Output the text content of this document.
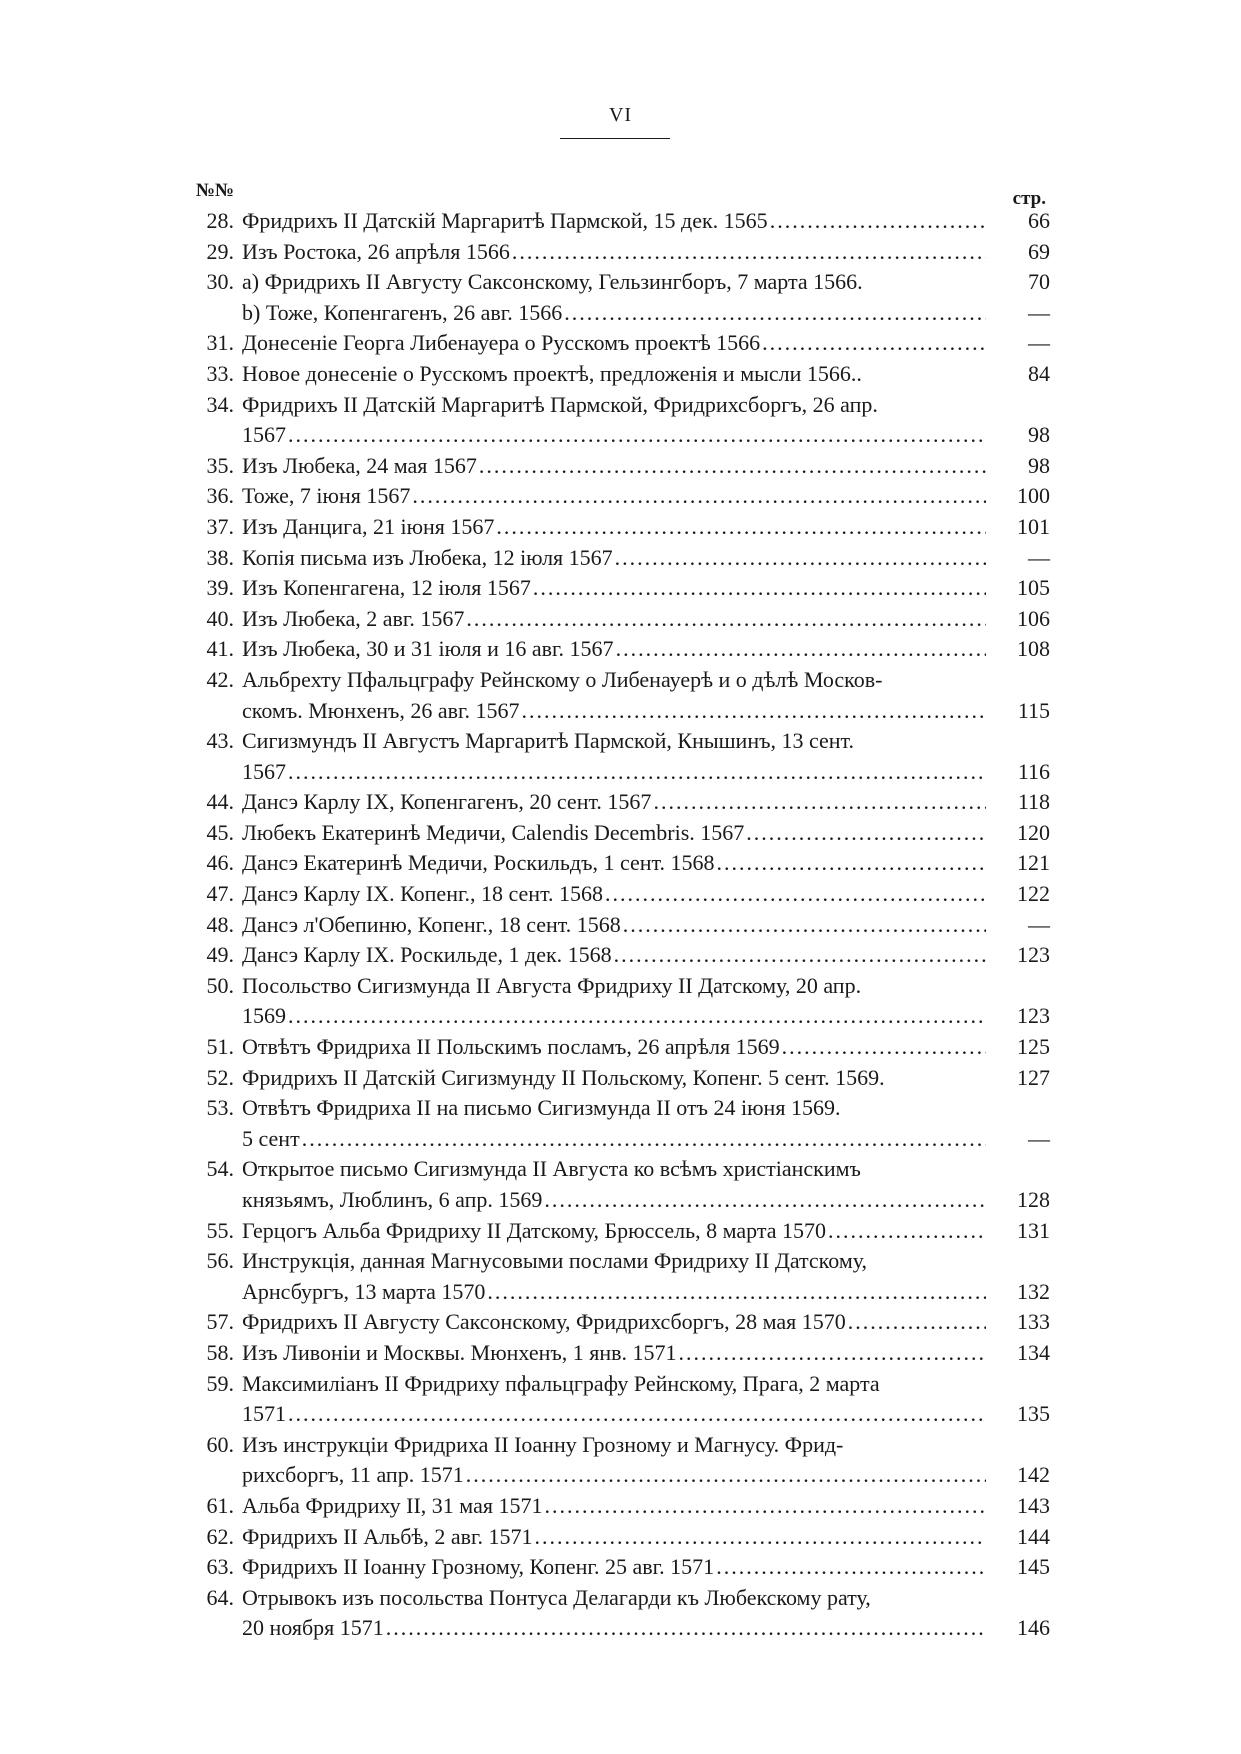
VI
№№	стр.
28. Фридрихъ II Датскій Маргаритѣ Пармской, 15 дек. 1565 .....	66
29. Изъ Ростока, 26 апрѣля 1566 .....	69
30. а) Фридрихъ II Августу Саксонскому, Гельзингборъ, 7 марта 1566.	70
b) Тоже, Копенгагенъ, 26 авг. 1566 .....	—
31. Донесеніе Георга Либенауера о Русскомъ проектѣ 1566 .....	—
33. Новое донесеніе о Русскомъ проектѣ, предложенія и мысли 1566..	84
34. Фридрихъ II Датскій Маргаритѣ Пармской, Фридрихсборгъ, 26 апр.
1567 .....	98
35. Изъ Любека, 24 мая 1567 .....	98
36. Тоже, 7 іюня 1567 .....	100
37. Изъ Данцига, 21 іюня 1567 .....	101
38. Копія письма изъ Любека, 12 іюля 1567 .....	—
39. Изъ Копенгагена, 12 іюля 1567 .....	105
40. Изъ Любека, 2 авг. 1567 .....	106
41. Изъ Любека, 30 и 31 іюля и 16 авг. 1567 .....	108
42. Альбрехту Пфальцграфу Рейнскому о Либенауерѣ и о дѣлѣ Москов-
скомъ. Мюнхенъ, 26 авг. 1567 .....	115
43. Сигизмундъ II Августъ Маргаритѣ Пармской, Кнышинъ, 13 сент.
1567 .....	116
44. Дансэ Карлу IX, Копенгагенъ, 20 сент. 1567 .....	118
45. Любекъ Екатеринѣ Медичи, Calendis Decembris. 1567 .....	120
46. Дансэ Екатеринѣ Медичи, Роскильдъ, 1 сент. 1568 .....	121
47. Дансэ Карлу IX. Копенг., 18 сент. 1568 .....	122
48. Дансэ л'Обепиню, Копенг., 18 сент. 1568 .....	—
49. Дансэ Карлу IX. Роскильде, 1 дек. 1568 .....	123
50. Посольство Сигизмунда II Августа Фридриху II Датскому, 20 апр.
1569 .....	123
51. Отвѣтъ Фридриха II Польскимъ посламъ, 26 апрѣля 1569 .....	125
52. Фридрихъ II Датскій Сигизмунду II Польскому, Копенг. 5 сент. 1569.	127
53. Отвѣтъ Фридриха II на письмо Сигизмунда II отъ 24 іюня 1569.
5 сент .....	—
54. Открытое письмо Сигизмунда II Августа ко всѣмъ христіанскимъ
князьямъ, Люблинъ, 6 апр. 1569 .....	128
55. Герцогъ Альба Фридриху II Датскому, Брюссель, 8 марта 1570 .....	131
56. Инструкція, данная Магнусовыми послами Фридриху II Датскому,
Арнсбургъ, 13 марта 1570 .....	132
57. Фридрихъ II Августу Саксонскому, Фридрихсборгъ, 28 мая 1570 .....	133
58. Изъ Ливоніи и Москвы. Мюнхенъ, 1 янв. 1571 .....	134
59. Максимиліанъ II Фридриху пфальцграфу Рейнскому, Прага, 2 марта
1571 .....	135
60. Изъ инструкціи Фридриха II Іоанну Грозному и Магнусу. Фрид-
рихсборгъ, 11 апр. 1571 .....	142
61. Альба Фридриху II, 31 мая 1571 .....	143
62. Фридрихъ II Альбѣ, 2 авг. 1571 .....	144
63. Фридрихъ II Іоанну Грозному, Копенг. 25 авг. 1571 .....	145
64. Отрывокъ изъ посольства Понтуса Делагарди къ Любекскому рату,
20 ноября 1571 .....	146
